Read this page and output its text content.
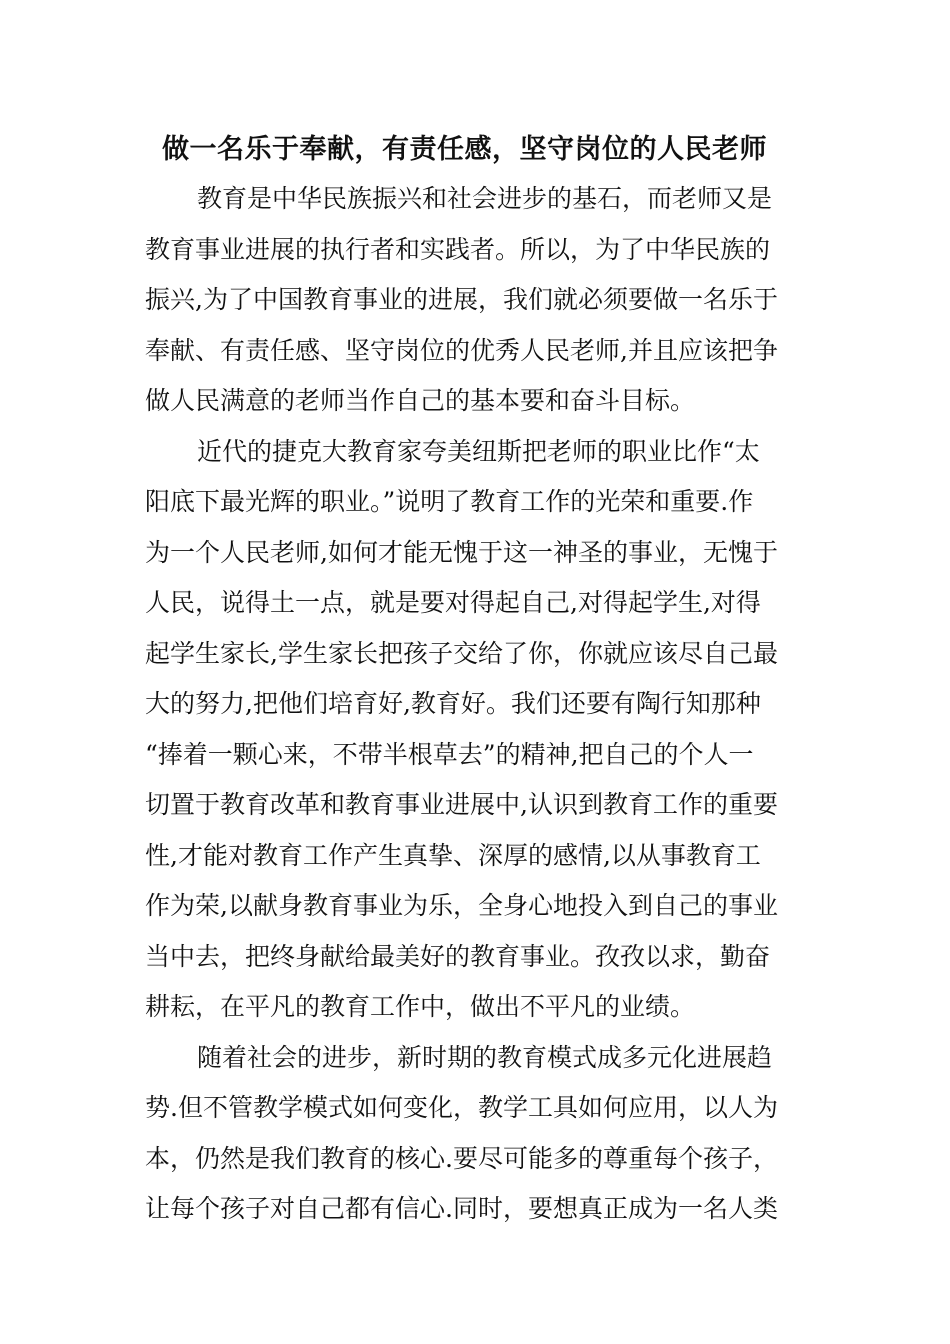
做一名乐于奉献，有责任感，坚守岗位的人民老师
教育是中华民族振兴和社会进步的基石，而老师又是
教育事业进展的执行者和实践者。所以，为了中华民族的
振兴,为了中国教育事业的进展，我们就必须要做一名乐于
奉献、有责任感、坚守岗位的优秀人民老师,并且应该把争
做人民满意的老师当作自己的基本要和奋斗目标。
近代的捷克大教育家夸美纽斯把老师的职业比作“太
阳底下最光辉的职业。”说明了教育工作的光荣和重要.作
为一个人民老师,如何才能无愧于这一神圣的事业，无愧于
人民，说得土一点，就是要对得起自己,对得起学生,对得
起学生家长,学生家长把孩子交给了你，你就应该尽自己最
大的努力,把他们培育好,教育好。我们还要有陶行知那种
“捧着一颗心来，不带半根草去”的精神,把自己的个人一
切置于教育改革和教育事业进展中,认识到教育工作的重要
性,才能对教育工作产生真挚、深厚的感情,以从事教育工
作为荣,以献身教育事业为乐，全身心地投入到自己的事业
当中去，把终身献给最美好的教育事业。孜孜以求，勤奋
耕耘，在平凡的教育工作中，做出不平凡的业绩。
随着社会的进步，新时期的教育模式成多元化进展趋
势.但不管教学模式如何变化，教学工具如何应用，以人为
本，仍然是我们教育的核心.要尽可能多的尊重每个孩子，
让每个孩子对自己都有信心.同时，要想真正成为一名人类
